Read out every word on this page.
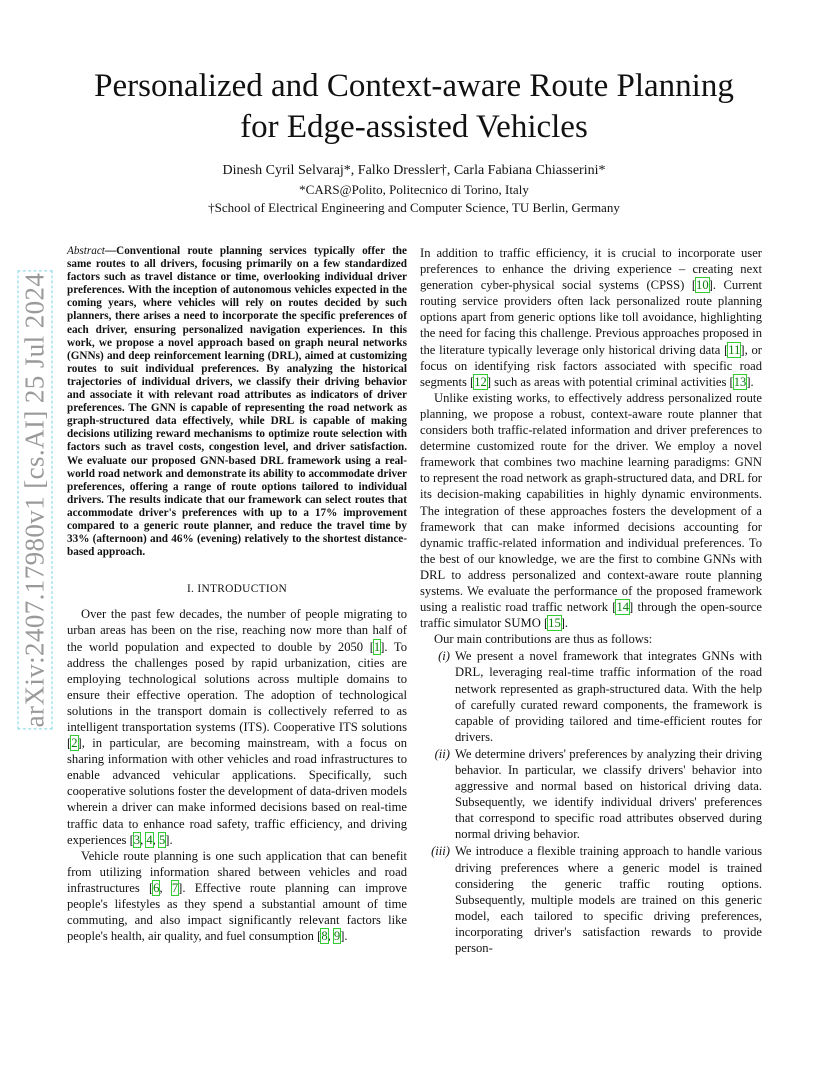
Personalized and Context-aware Route Planning
for Edge-assisted Vehicles
Dinesh Cyril Selvaraj*, Falko Dressler†, Carla Fabiana Chiasserini*
*CARS@Polito, Politecnico di Torino, Italy
†School of Electrical Engineering and Computer Science, TU Berlin, Germany
arXiv:2407.17980v1 [cs.AI] 25 Jul 2024
Abstract—Conventional route planning services typically offer the same routes to all drivers, focusing primarily on a few standardized factors such as travel distance or time, overlooking individual driver preferences. With the inception of autonomous vehicles expected in the coming years, where vehicles will rely on routes decided by such planners, there arises a need to incorporate the specific preferences of each driver, ensuring personalized navigation experiences. In this work, we propose a novel approach based on graph neural networks (GNNs) and deep reinforcement learning (DRL), aimed at customizing routes to suit individual preferences. By analyzing the historical trajectories of individual drivers, we classify their driving behavior and associate it with relevant road attributes as indicators of driver preferences. The GNN is capable of representing the road network as graph-structured data effectively, while DRL is capable of making decisions utilizing reward mechanisms to optimize route selection with factors such as travel costs, congestion level, and driver satisfaction. We evaluate our proposed GNN-based DRL framework using a real-world road network and demonstrate its ability to accommodate driver preferences, offering a range of route options tailored to individual drivers. The results indicate that our framework can select routes that accommodate driver's preferences with up to a 17% improvement compared to a generic route planner, and reduce the travel time by 33% (afternoon) and 46% (evening) relatively to the shortest distance-based approach.
I. INTRODUCTION

Over the past few decades, the number of people migrating to urban areas has been on the rise, reaching now more than half of the world population and expected to double by 2050 [1]. To address the challenges posed by rapid urbanization, cities are employing technological solutions across multiple domains to ensure their effective operation. The adoption of technological solutions in the transport domain is collectively referred to as intelligent transportation systems (ITS). Cooperative ITS solutions [2], in particular, are becoming mainstream, with a focus on sharing information with other vehicles and road infrastructures to enable advanced vehicular applications. Specifically, such cooperative solutions foster the development of data-driven models wherein a driver can make informed decisions based on real-time traffic data to enhance road safety, traffic efficiency, and driving experiences [3, 4, 5].

Vehicle route planning is one such application that can benefit from utilizing information shared between vehicles and road infrastructures [6, 7]. Effective route planning can improve people's lifestyles as they spend a substantial amount of time commuting, and also impact significantly relevant factors like people's health, air quality, and fuel consumption [8, 9].

In addition to traffic efficiency, it is crucial to incorporate user preferences to enhance the driving experience – creating next generation cyber-physical social systems (CPSS) [10]. Current routing service providers often lack personalized route planning options apart from generic options like toll avoidance, highlighting the need for facing this challenge. Previous approaches proposed in the literature typically leverage only historical driving data [11], or focus on identifying risk factors associated with specific road segments [12] such as areas with potential criminal activities [13].

Unlike existing works, to effectively address personalized route planning, we propose a robust, context-aware route planner that considers both traffic-related information and driver preferences to determine customized route for the driver. We employ a novel framework that combines two machine learning paradigms: GNN to represent the road network as graph-structured data, and DRL for its decision-making capabilities in highly dynamic environments. The integration of these approaches fosters the development of a framework that can make informed decisions accounting for dynamic traffic-related information and individual preferences. To the best of our knowledge, we are the first to combine GNNs with DRL to address personalized and context-aware route planning systems. We evaluate the performance of the proposed framework using a realistic road traffic network [14] through the open-source traffic simulator SUMO [15].

Our main contributions are thus as follows:

(i) We present a novel framework that integrates GNNs with DRL, leveraging real-time traffic information of the road network represented as graph-structured data. With the help of carefully curated reward components, the framework is capable of providing tailored and time-efficient routes for drivers.
(ii) We determine drivers' preferences by analyzing their driving behavior. In particular, we classify drivers' behavior into aggressive and normal based on historical driving data. Subsequently, we identify individual drivers' preferences that correspond to specific road attributes observed during normal driving behavior.
(iii) We introduce a flexible training approach to handle various driving preferences where a generic model is trained considering the generic traffic routing options. Subsequently, multiple models are trained on this generic model, each tailored to specific driving preferences, incorporating driver's satisfaction rewards to provide person-
